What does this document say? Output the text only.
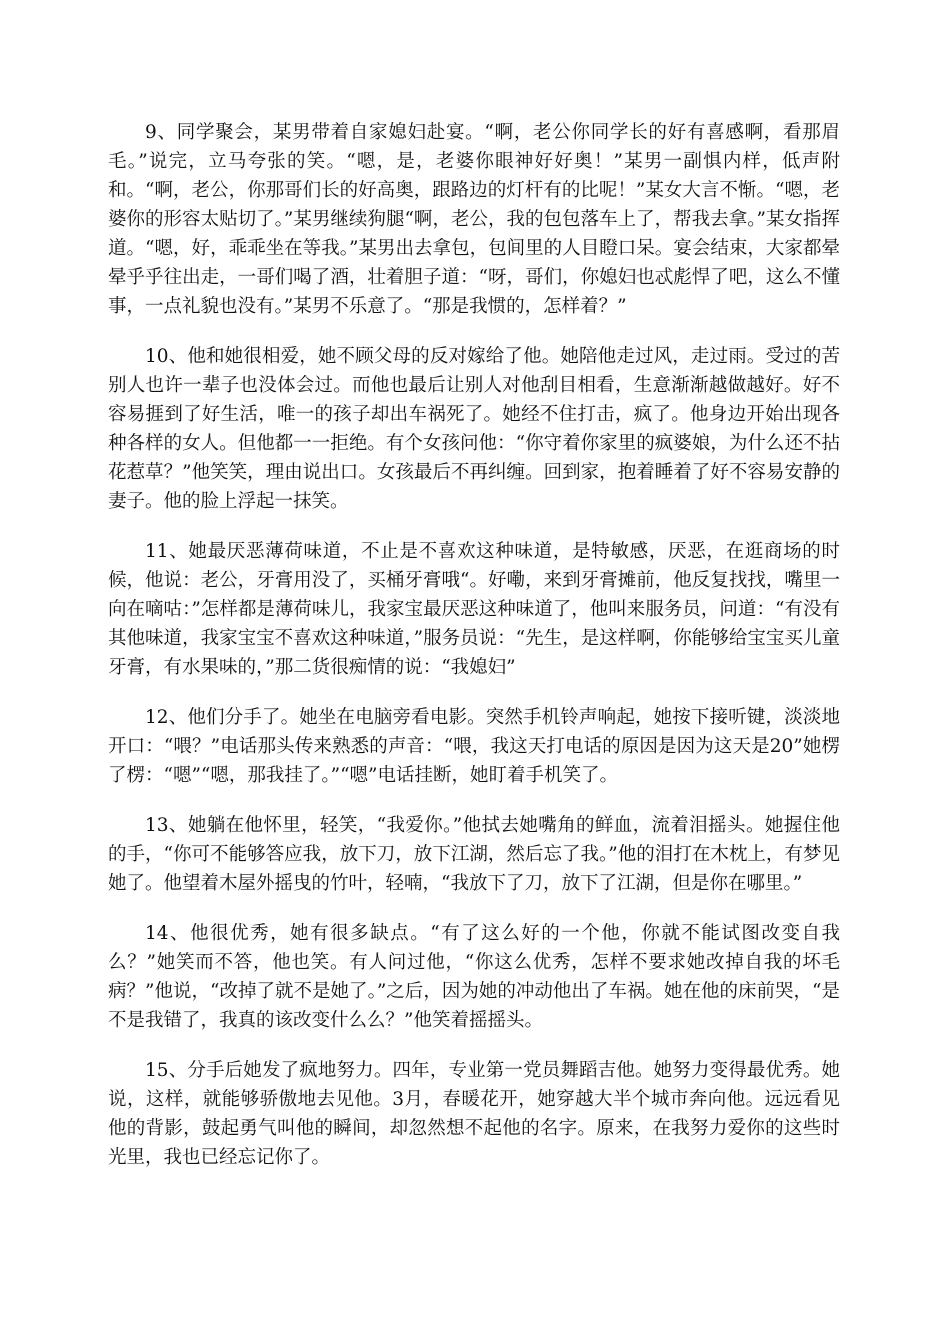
9、同学聚会，某男带着自家媳妇赴宴。“啊，老公你同学长的好有喜感啊，看那眉毛。”说完，立马夸张的笑。“嗯，是，老婆你眼神好好奥！”某男一副惧内样，低声附和。“啊，老公，你那哥们长的好高奥，跟路边的灯杆有的比呢！”某女大言不惭。“嗯，老婆你的形容太贴切了。”某男继续狗腿“啊，老公，我的包包落车上了，帮我去拿。”某女指挥道。“嗯，好，乖乖坐在等我。”某男出去拿包，包间里的人目瞪口呆。宴会结束，大家都晕晕乎乎往出走，一哥们喝了酒，壮着胆子道：“呀，哥们，你媳妇也忒彪悍了吧，这么不懂事，一点礼貌也没有。”某男不乐意了。“那是我惯的，怎样着？”

10、他和她很相爱，她不顾父母的反对嫁给了他。她陪他走过风，走过雨。受过的苦别人也许一辈子也没体会过。而他也最后让别人对他刮目相看，生意渐渐越做越好。好不容易捱到了好生活，唯一的孩子却出车祸死了。她经不住打击，疯了。他身边开始出现各种各样的女人。但他都一一拒绝。有个女孩问他：“你守着你家里的疯婆娘，为什么还不拈花惹草？”他笑笑，理由说出口。女孩最后不再纠缠。回到家，抱着睡着了好不容易安静的妻子。他的脸上浮起一抹笑。

11、她最厌恶薄荷味道，不止是不喜欢这种味道，是特敏感，厌恶，在逛商场的时候，他说：老公，牙膏用没了，买桶牙膏哦“。好嘞，来到牙膏摊前，他反复找找，嘴里一向在嘀咕：”怎样都是薄荷味儿，我家宝最厌恶这种味道了，他叫来服务员，问道：“有没有其他味道，我家宝宝不喜欢这种味道，”服务员说：“先生，是这样啊，你能够给宝宝买儿童牙膏，有水果味的，”那二货很痴情的说：“我媳妇”

12、他们分手了。她坐在电脑旁看电影。突然手机铃声响起，她按下接听键，淡淡地开口：“喂？”电话那头传来熟悉的声音：“喂，我这天打电话的原因是因为这天是20”她楞了楞：“嗯”“嗯，那我挂了。”“嗯”电话挂断，她盯着手机笑了。

13、她躺在他怀里，轻笑，“我爱你。”他拭去她嘴角的鲜血，流着泪摇头。她握住他的手，“你可不能够答应我，放下刀，放下江湖，然后忘了我。”他的泪打在木枕上，有梦见她了。他望着木屋外摇曳的竹叶，轻喃，“我放下了刀，放下了江湖，但是你在哪里。”

14、他很优秀，她有很多缺点。“有了这么好的一个他，你就不能试图改变自我么？”她笑而不答，他也笑。有人问过他，“你这么优秀，怎样不要求她改掉自我的坏毛病？”他说，“改掉了就不是她了。”之后，因为她的冲动他出了车祸。她在他的床前哭，“是不是我错了，我真的该改变什么么？”他笑着摇摇头。

15、分手后她发了疯地努力。四年，专业第一党员舞蹈吉他。她努力变得最优秀。她说，这样，就能够骄傲地去见他。3月，春暖花开，她穿越大半个城市奔向他。远远看见他的背影，鼓起勇气叫他的瞬间，却忽然想不起他的名字。原来，在我努力爱你的这些时光里，我也已经忘记你了。
